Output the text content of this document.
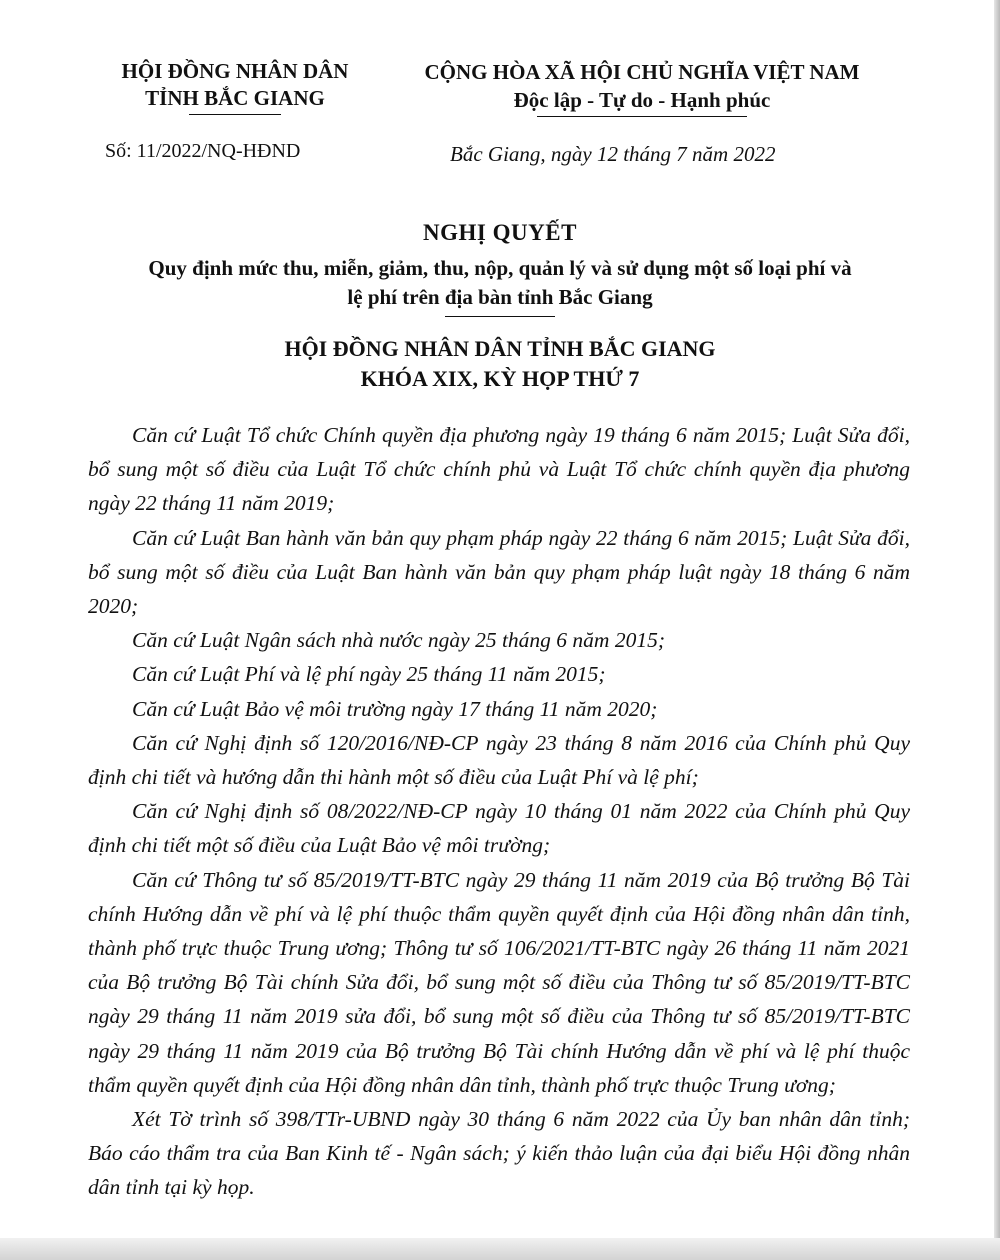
HỘI ĐỒNG NHÂN DÂN
TỈNH BẮC GIANG
CỘNG HÒA XÃ HỘI CHỦ NGHĨA VIỆT NAM
Độc lập - Tự do - Hạnh phúc
Số: 11/2022/NQ-HĐND	Bắc Giang, ngày 12 tháng 7 năm 2022
NGHỊ QUYẾT
Quy định mức thu, miễn, giảm, thu, nộp, quản lý và sử dụng một số loại phí và
lệ phí trên địa bàn tỉnh Bắc Giang
HỘI ĐỒNG NHÂN DÂN TỈNH BẮC GIANG
KHÓA XIX, KỲ HỌP THỨ 7

Căn cứ Luật Tổ chức Chính quyền địa phương ngày 19 tháng 6 năm 2015; Luật Sửa đổi, bổ sung một số điều của Luật Tổ chức chính phủ và Luật Tổ chức chính quyền địa phương ngày 22 tháng 11 năm 2019;

Căn cứ Luật Ban hành văn bản quy phạm pháp ngày 22 tháng 6 năm 2015; Luật Sửa đổi, bổ sung một số điều của Luật Ban hành văn bản quy phạm pháp luật ngày 18 tháng 6 năm 2020;

Căn cứ Luật Ngân sách nhà nước ngày 25 tháng 6 năm 2015;

Căn cứ Luật Phí và lệ phí ngày 25 tháng 11 năm 2015;

Căn cứ Luật Bảo vệ môi trường ngày 17 tháng 11 năm 2020;

Căn cứ Nghị định số 120/2016/NĐ-CP ngày 23 tháng 8 năm 2016 của Chính phủ Quy định chi tiết và hướng dẫn thi hành một số điều của Luật Phí và lệ phí;

Căn cứ Nghị định số 08/2022/NĐ-CP ngày 10 tháng 01 năm 2022 của Chính phủ Quy định chi tiết một số điều của Luật Bảo vệ môi trường;

Căn cứ Thông tư số 85/2019/TT-BTC ngày 29 tháng 11 năm 2019 của Bộ trưởng Bộ Tài chính Hướng dẫn về phí và lệ phí thuộc thẩm quyền quyết định của Hội đồng nhân dân tỉnh, thành phố trực thuộc Trung ương; Thông tư số 106/2021/TT-BTC ngày 26 tháng 11 năm 2021 của Bộ trưởng Bộ Tài chính Sửa đổi, bổ sung một số điều của Thông tư số 85/2019/TT-BTC ngày 29 tháng 11 năm 2019 sửa đổi, bổ sung một số điều của Thông tư số 85/2019/TT-BTC ngày 29 tháng 11 năm 2019 của Bộ trưởng Bộ Tài chính Hướng dẫn về phí và lệ phí thuộc thẩm quyền quyết định của Hội đồng nhân dân tỉnh, thành phố trực thuộc Trung ương;

Xét Tờ trình số 398/TTr-UBND ngày 30 tháng 6 năm 2022 của Ủy ban nhân dân tỉnh; Báo cáo thẩm tra của Ban Kinh tế - Ngân sách; ý kiến thảo luận của đại biểu Hội đồng nhân dân tỉnh tại kỳ họp.
